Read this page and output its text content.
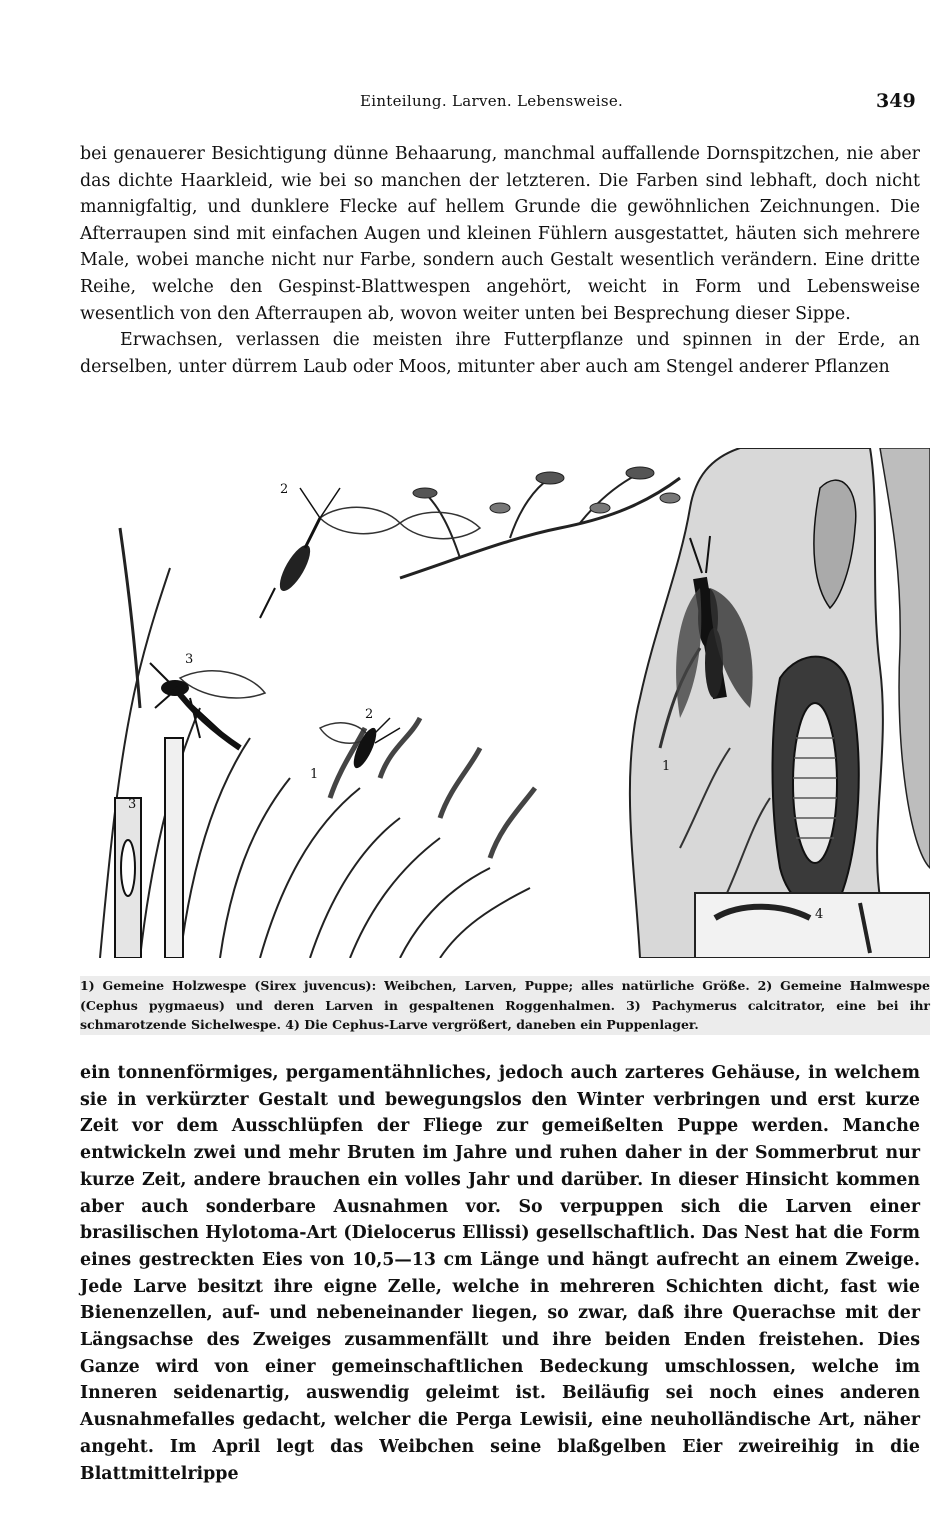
Einteilung. Larven. Lebensweise.	349

bei genauerer Besichtigung dünne Behaarung, manchmal auffallende Dornspitzchen, nie aber das dichte Haarkleid, wie bei so manchen der letzteren. Die Farben sind lebhaft, doch nicht mannigfaltig, und dunklere Flecke auf hellem Grunde die gewöhnlichen Zeichnungen. Die Afterraupen sind mit einfachen Augen und kleinen Fühlern ausgestattet, häuten sich mehrere Male, wobei manche nicht nur Farbe, sondern auch Gestalt wesentlich verändern. Eine dritte Reihe, welche den Gespinst-Blattwespen angehört, weicht in Form und Lebensweise wesentlich von den Afterraupen ab, wovon weiter unten bei Besprechung dieser Sippe.

Erwachsen, verlassen die meisten ihre Futterpflanze und spinnen in der Erde, an derselben, unter dürrem Laub oder Moos, mitunter aber auch am Stengel anderer Pflanzen

1
2
3
2
3
4
1

1) Gemeine Holzwespe (Sirex juvencus): Weibchen, Larven, Puppe; alles natürliche Größe. 2) Gemeine Halmwespe (Cephus pygmaeus) und deren Larven in gespaltenen Roggenhalmen. 3) Pachymerus calcitrator, eine bei ihr schmarotzende Sichelwespe. 4) Die Cephus-Larve vergrößert, daneben ein Puppenlager.

ein tonnenförmiges, pergamentähnliches, jedoch auch zarteres Gehäuse, in welchem sie in verkürzter Gestalt und bewegungslos den Winter verbringen und erst kurze Zeit vor dem Ausschlüpfen der Fliege zur gemeißelten Puppe werden. Manche entwickeln zwei und mehr Bruten im Jahre und ruhen daher in der Sommerbrut nur kurze Zeit, andere brauchen ein volles Jahr und darüber. In dieser Hinsicht kommen aber auch sonderbare Ausnahmen vor. So verpuppen sich die Larven einer brasilischen Hylotoma-Art (Dielocerus Ellissi) gesellschaftlich. Das Nest hat die Form eines gestreckten Eies von 10,5—13 cm Länge und hängt aufrecht an einem Zweige. Jede Larve besitzt ihre eigne Zelle, welche in mehreren Schichten dicht, fast wie Bienenzellen, auf- und nebeneinander liegen, so zwar, daß ihre Querachse mit der Längsachse des Zweiges zusammenfällt und ihre beiden Enden freistehen. Dies Ganze wird von einer gemeinschaftlichen Bedeckung umschlossen, welche im Inneren seidenartig, auswendig geleimt ist. Beiläufig sei noch eines anderen Ausnahmefalles gedacht, welcher die Perga Lewisii, eine neuholländische Art, näher angeht. Im April legt das Weibchen seine blaßgelben Eier zweireihig in die Blattmittelrippe
